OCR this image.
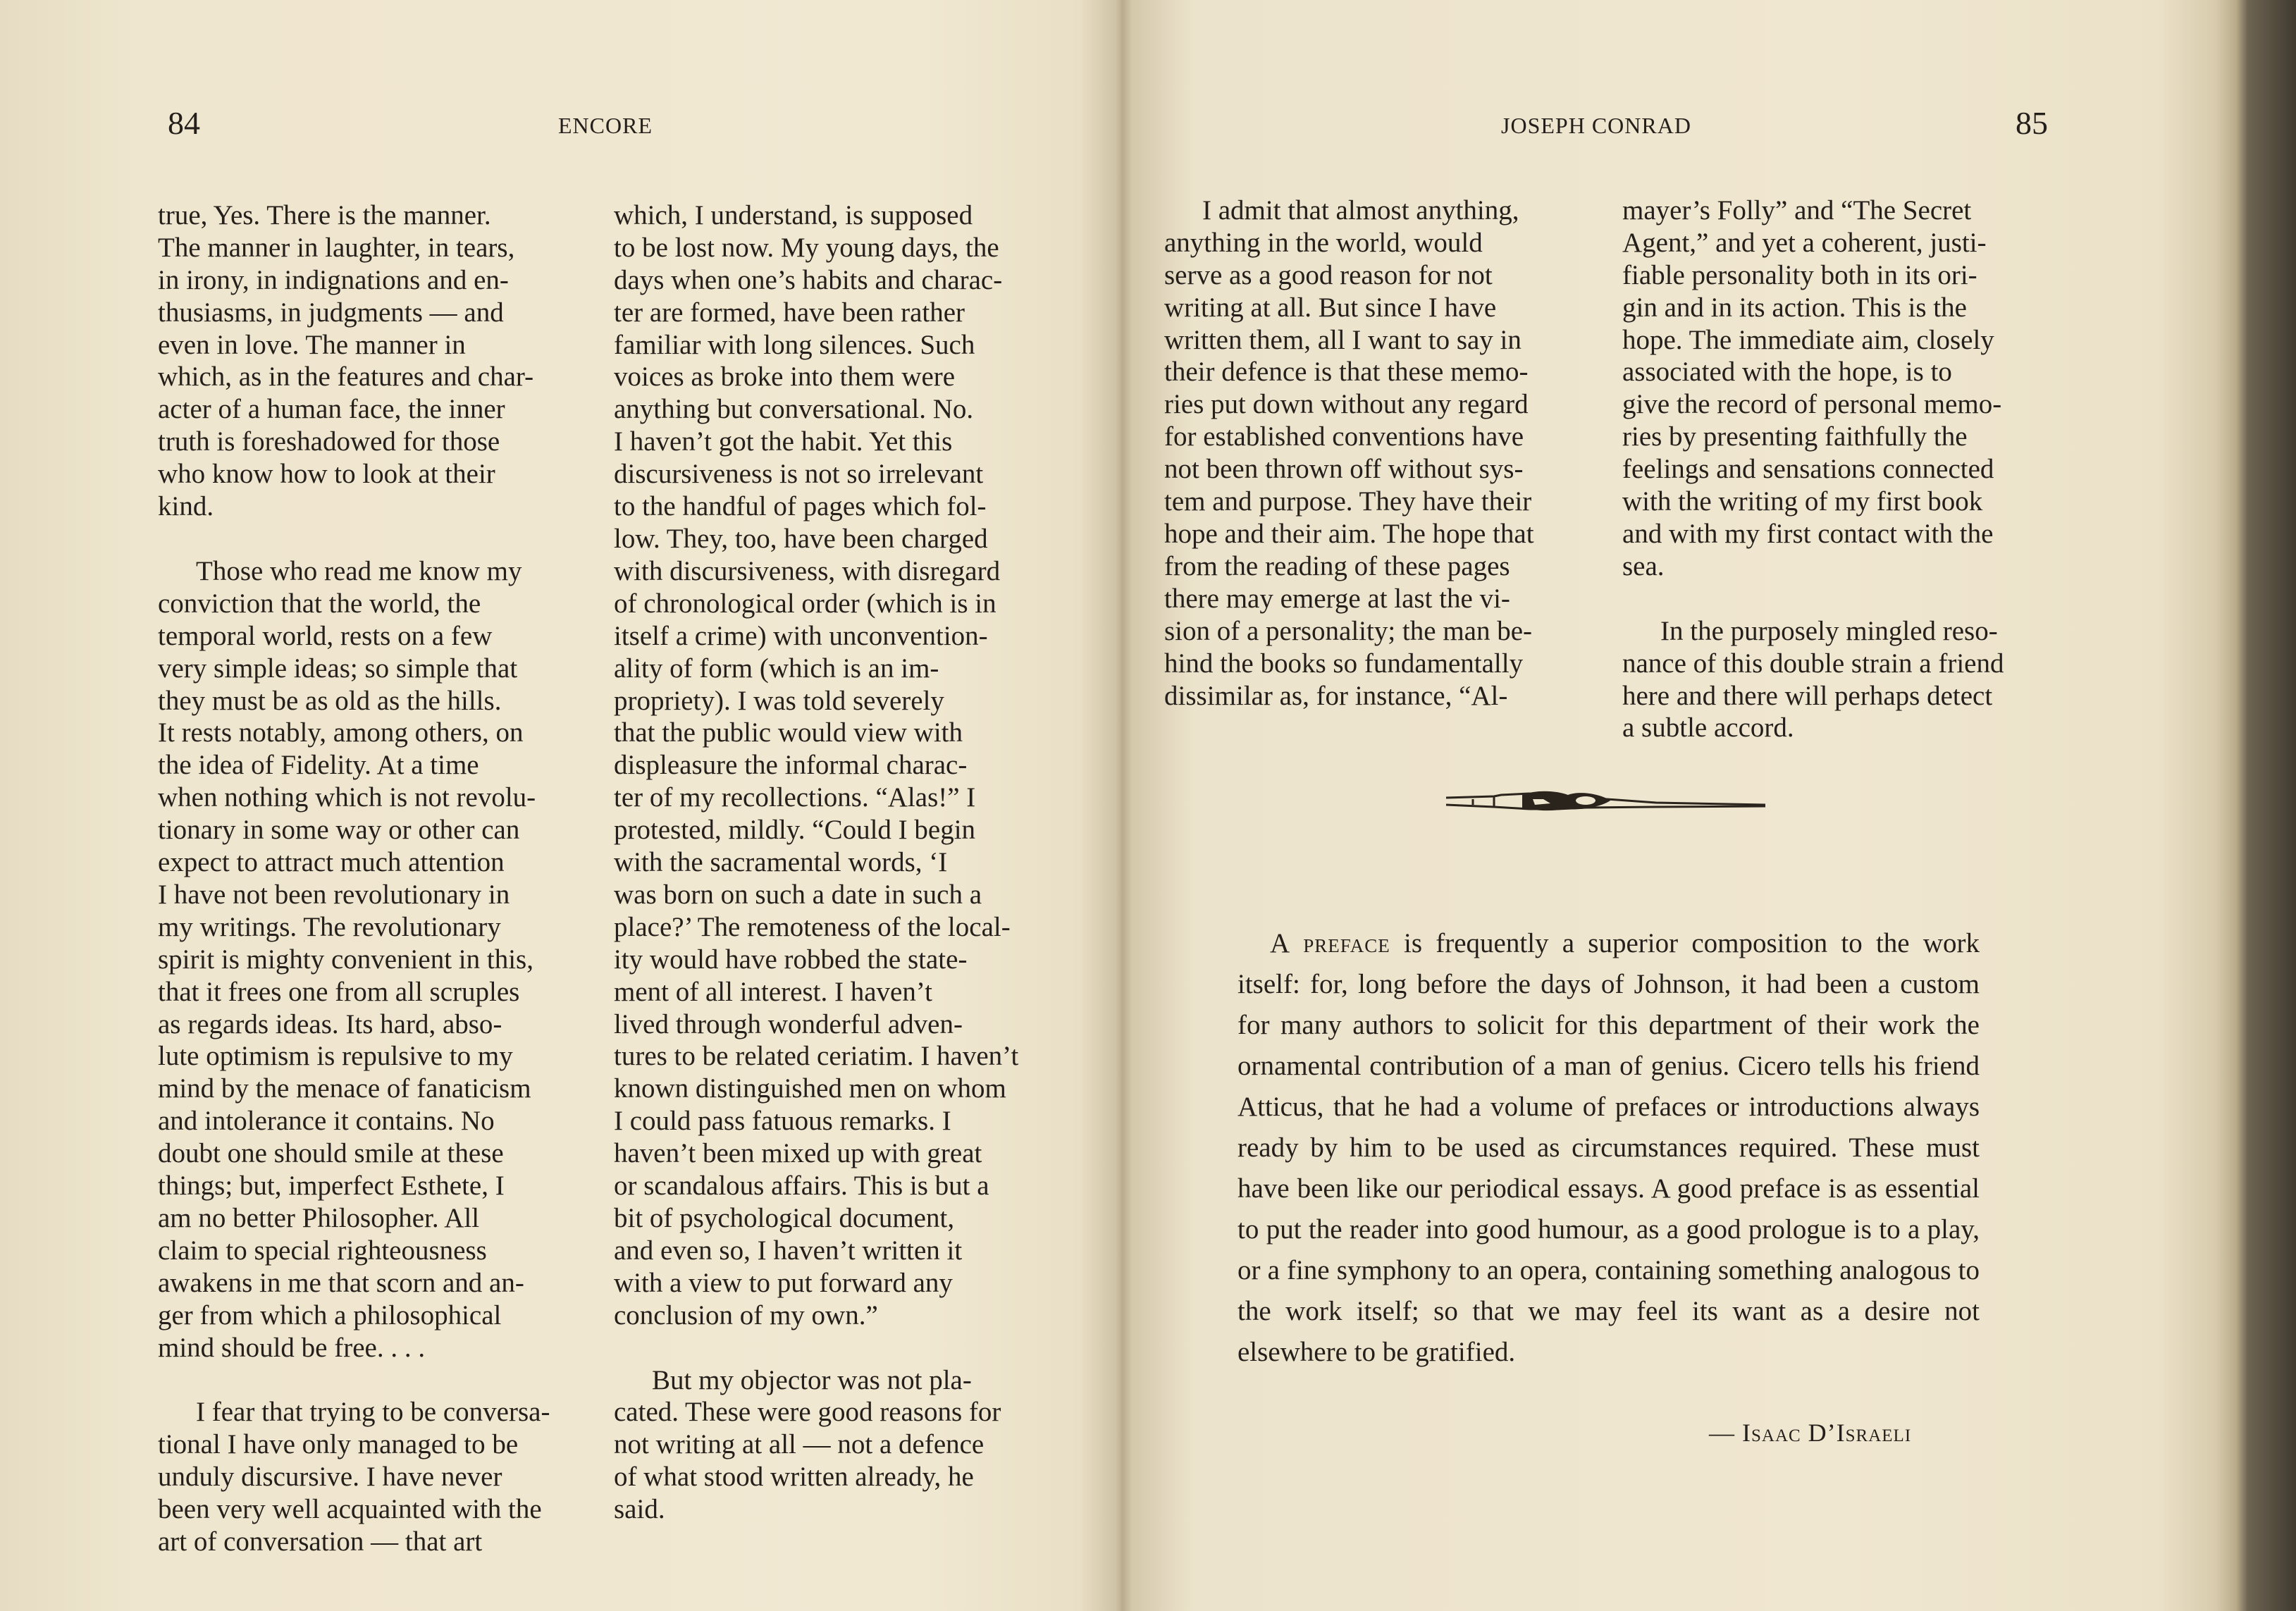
84	ENCORE

true, Yes. There is the manner.
The manner in laughter, in tears,
in irony, in indignations and en-
thusiasms, in judgments — and
even in love. The manner in
which, as in the features and char-
acter of a human face, the inner
truth is foreshadowed for those
who know how to look at their
kind.

Those who read me know my
conviction that the world, the
temporal world, rests on a few
very simple ideas; so simple that
they must be as old as the hills.
It rests notably, among others, on
the idea of Fidelity. At a time
when nothing which is not revolu-
tionary in some way or other can
expect to attract much attention
I have not been revolutionary in
my writings. The revolutionary
spirit is mighty convenient in this,
that it frees one from all scruples
as regards ideas. Its hard, abso-
lute optimism is repulsive to my
mind by the menace of fanaticism
and intolerance it contains. No
doubt one should smile at these
things; but, imperfect Esthete, I
am no better Philosopher. All
claim to special righteousness
awakens in me that scorn and an-
ger from which a philosophical
mind should be free. . . .

I fear that trying to be conversa-
tional I have only managed to be
unduly discursive. I have never
been very well acquainted with the
art of conversation — that art

which, I understand, is supposed
to be lost now. My young days, the
days when one’s habits and charac-
ter are formed, have been rather
familiar with long silences. Such
voices as broke into them were
anything but conversational. No.
I haven’t got the habit. Yet this
discursiveness is not so irrelevant
to the handful of pages which fol-
low. They, too, have been charged
with discursiveness, with disregard
of chronological order (which is in
itself a crime) with unconvention-
ality of form (which is an im-
propriety). I was told severely
that the public would view with
displeasure the informal charac-
ter of my recollections. “Alas!” I
protested, mildly. “Could I begin
with the sacramental words, ‘I
was born on such a date in such a
place?’ The remoteness of the local-
ity would have robbed the state-
ment of all interest. I haven’t
lived through wonderful adven-
tures to be related ceriatim. I haven’t
known distinguished men on whom
I could pass fatuous remarks. I
haven’t been mixed up with great
or scandalous affairs. This is but a
bit of psychological document,
and even so, I haven’t written it
with a view to put forward any
conclusion of my own.”

But my objector was not pla-
cated. These were good reasons for
not writing at all — not a defence
of what stood written already, he
said.

JOSEPH CONRAD	85

I admit that almost anything,
anything in the world, would
serve as a good reason for not
writing at all. But since I have
written them, all I want to say in
their defence is that these memo-
ries put down without any regard
for established conventions have
not been thrown off without sys-
tem and purpose. They have their
hope and their aim. The hope that
from the reading of these pages
there may emerge at last the vi-
sion of a personality; the man be-
hind the books so fundamentally
dissimilar as, for instance, “Al-

mayer’s Folly” and “The Secret
Agent,” and yet a coherent, justi-
fiable personality both in its ori-
gin and in its action. This is the
hope. The immediate aim, closely
associated with the hope, is to
give the record of personal memo-
ries by presenting faithfully the
feelings and sensations connected
with the writing of my first book
and with my first contact with the
sea.

In the purposely mingled reso-
nance of this double strain a friend
here and there will perhaps detect
a subtle accord.

A preface is frequently a superior composition to the work itself: for, long before the days of Johnson, it had been a custom for many authors to solicit for this department of their work the ornamental contribution of a man of genius. Cicero tells his friend Atticus, that he had a volume of prefaces or introductions always ready by him to be used as circumstances required. These must have been like our periodical essays. A good preface is as essential to put the reader into good humour, as a good prologue is to a play, or a fine symphony to an opera, containing something analogous to the work itself; so that we may feel its want as a desire not elsewhere to be gratified.

— Isaac D’Israeli
